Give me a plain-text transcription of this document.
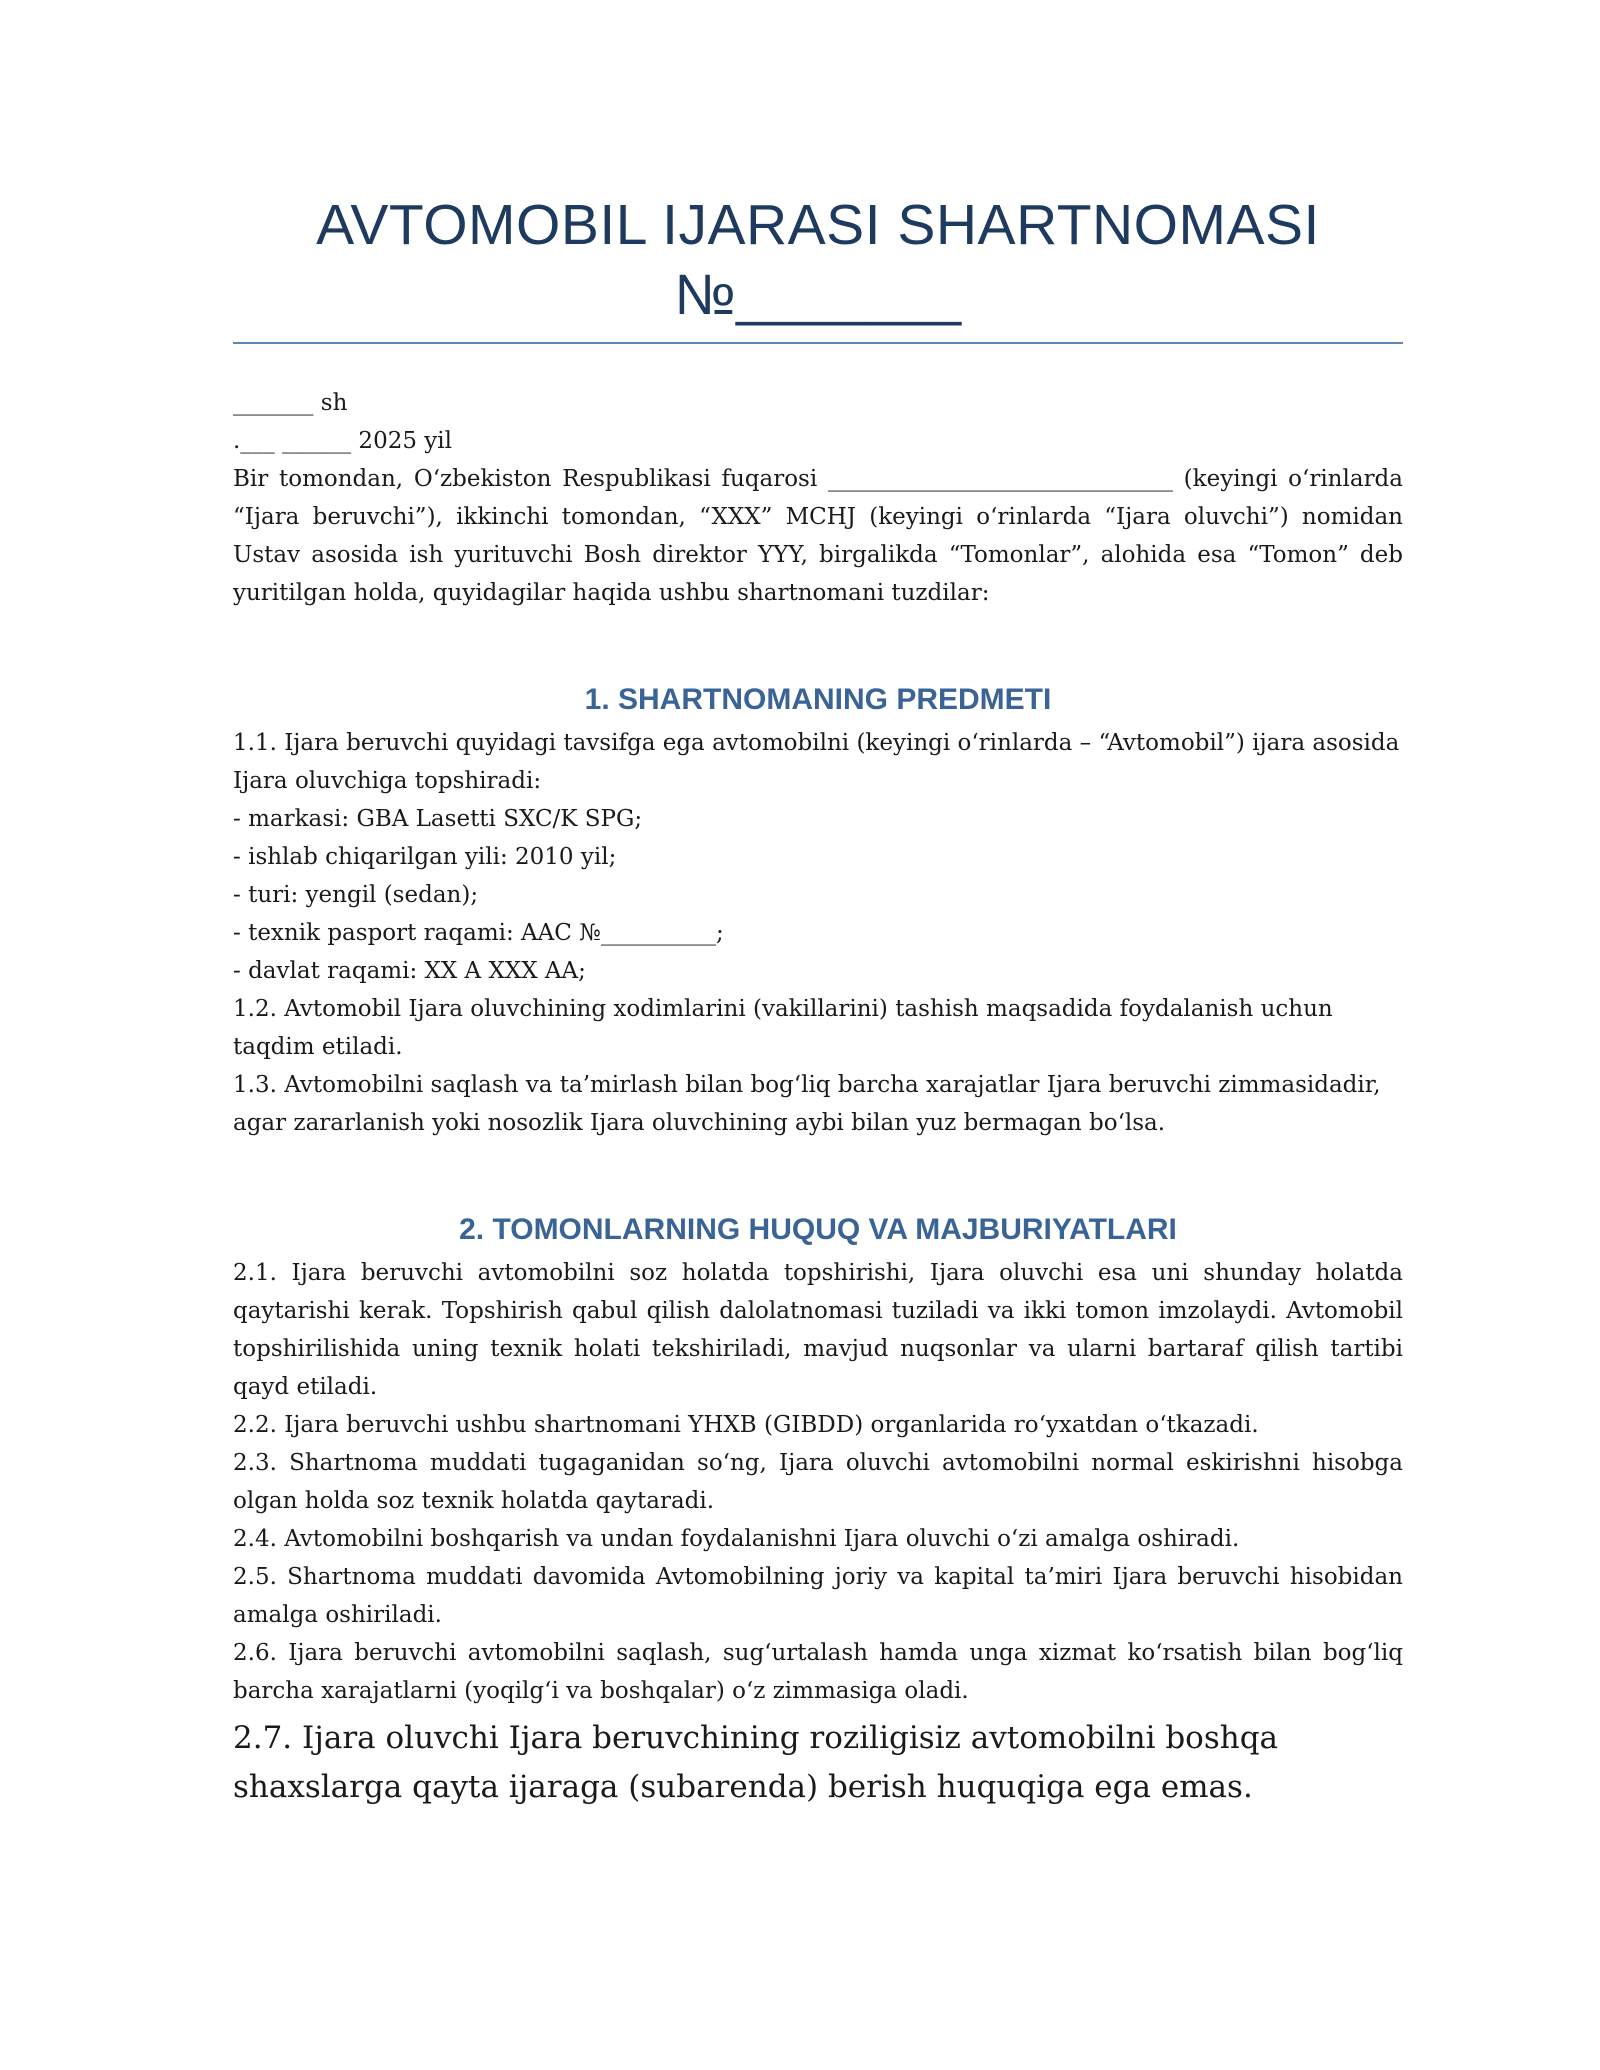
AVTOMOBIL IJARASI SHARTNOMASI
№_______

_______ sh

.___ ______ 2025 yil

Bir tomondan, O‘zbekiston Respublikasi fuqarosi ______________________________ (keyingi o‘rinlarda “Ijara beruvchi”), ikkinchi tomondan, “XXX” MCHJ (keyingi o‘rinlarda “Ijara oluvchi”) nomidan Ustav asosida ish yurituvchi Bosh direktor YYY, birgalikda “Tomonlar”, alohida esa “Tomon” deb yuritilgan holda, quyidagilar haqida ushbu shartnomani tuzdilar:

1. SHARTNOMANING PREDMETI

1.1. Ijara beruvchi quyidagi tavsifga ega avtomobilni (keyingi o‘rinlarda – “Avtomobil”) ijara asosida Ijara oluvchiga topshiradi:

- markasi: GBA Lasetti SXC/K SPG;

- ishlab chiqarilgan yili: 2010 yil;

- turi: yengil (sedan);

- texnik pasport raqami: AAC №__________;

- davlat raqami: XX A XXX AA;

1.2. Avtomobil Ijara oluvchining xodimlarini (vakillarini) tashish maqsadida foydalanish uchun taqdim etiladi.

1.3. Avtomobilni saqlash va ta’mirlash bilan bog‘liq barcha xarajatlar Ijara beruvchi zimmasidadir, agar zararlanish yoki nosozlik Ijara oluvchining aybi bilan yuz bermagan bo‘lsa.

2. TOMONLARNING HUQUQ VA MAJBURIYATLARI

2.1. Ijara beruvchi avtomobilni soz holatda topshirishi, Ijara oluvchi esa uni shunday holatda qaytarishi kerak. Topshirish qabul qilish dalolatnomasi tuziladi va ikki tomon imzolaydi. Avtomobil topshirilishida uning texnik holati tekshiriladi, mavjud nuqsonlar va ularni bartaraf qilish tartibi qayd etiladi.

2.2. Ijara beruvchi ushbu shartnomani YHXB (GIBDD) organlarida ro‘yxatdan o‘tkazadi.

2.3. Shartnoma muddati tugaganidan so‘ng, Ijara oluvchi avtomobilni normal eskirishni hisobga olgan holda soz texnik holatda qaytaradi.

2.4. Avtomobilni boshqarish va undan foydalanishni Ijara oluvchi o‘zi amalga oshiradi.

2.5. Shartnoma muddati davomida Avtomobilning joriy va kapital ta’miri Ijara beruvchi hisobidan amalga oshiriladi.

2.6. Ijara beruvchi avtomobilni saqlash, sug‘urtalash hamda unga xizmat ko‘rsatish bilan bog‘liq barcha xarajatlarni (yoqilg‘i va boshqalar) o‘z zimmasiga oladi.

2.7. Ijara oluvchi Ijara beruvchining roziligisiz avtomobilni boshqa shaxslarga qayta ijaraga (subarenda) berish huquqiga ega emas.
